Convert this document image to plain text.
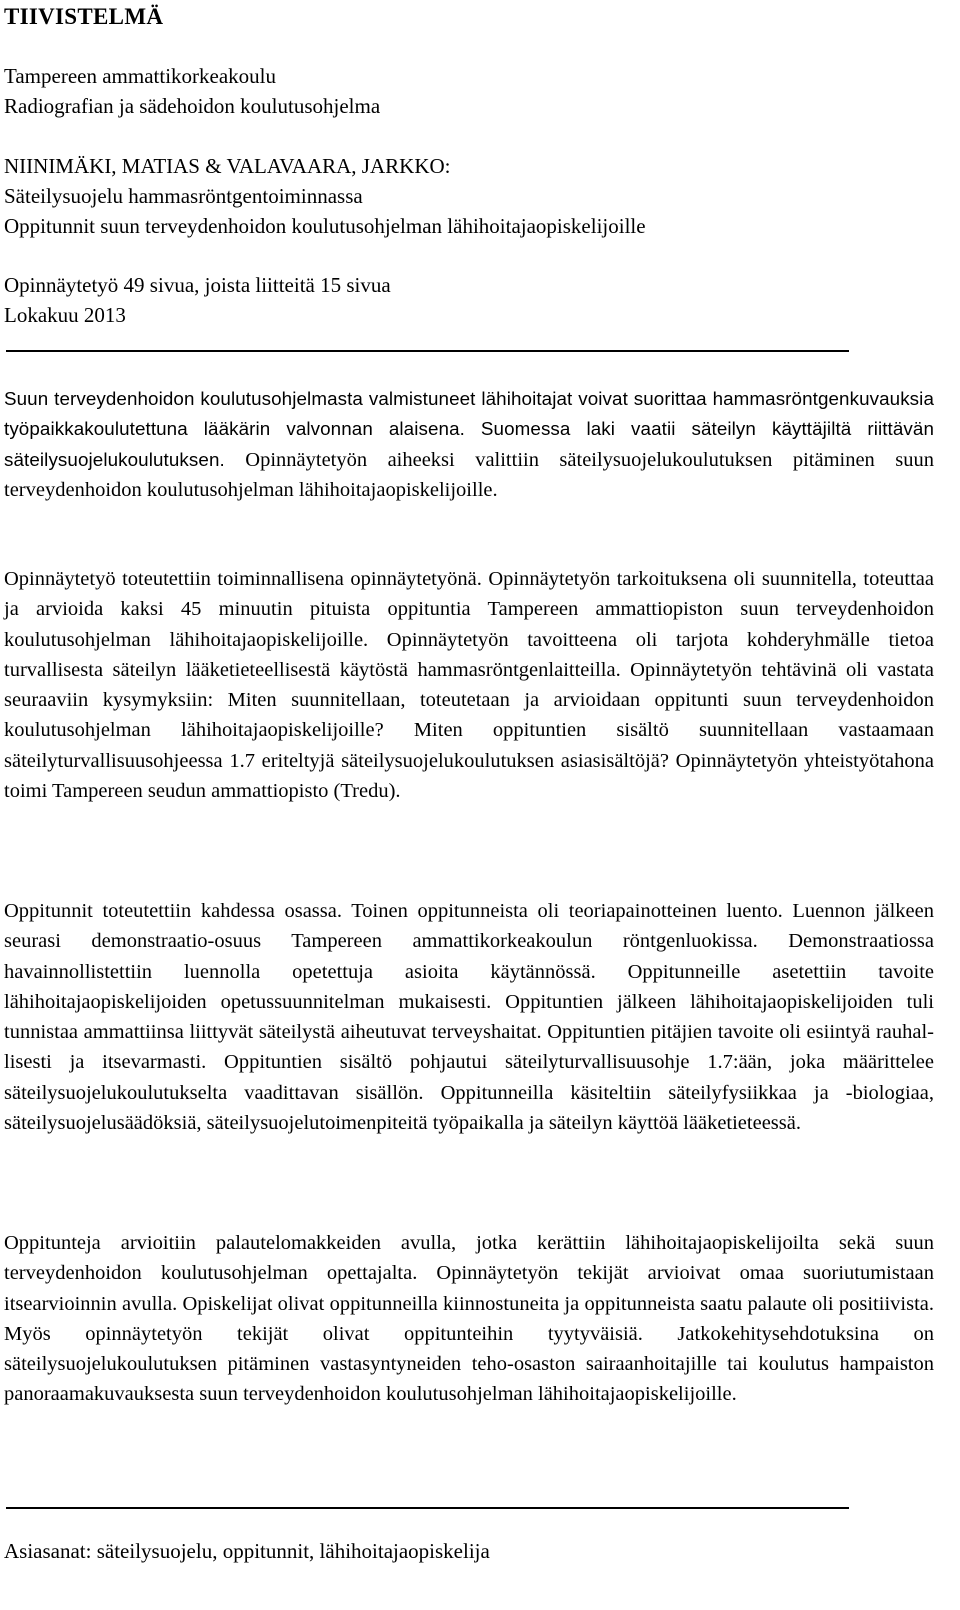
TIIVISTELMÄ
Tampereen ammattikorkeakoulu
Radiografian ja sädehoidon koulutusohjelma
NIINIMÄKI, MATIAS & VALAVAARA, JARKKO:
Säteilysuojelu hammasröntgentoiminnassa
Oppitunnit suun terveydenhoidon koulutusohjelman lähihoitajaopiskelijoille
Opinnäytetyö 49 sivua, joista liitteitä 15 sivua
Lokakuu 2013
Suun terveydenhoidon koulutusohjelmasta valmistuneet lähihoitajat voivat suorittaa hammasröntgenkuvauksia työpaikkakoulutettuna lääkärin valvonnan alaisena. Suomessa laki vaatii säteilyn käyttäjiltä riittävän säteilysuojelukoulutuksen. Opinnäytetyön aiheeksi valittiin säteilysuojelukoulutuksen pitäminen suun terveydenhoidon koulutusohjelman lähihoitajaopiskelijoille.
Opinnäytetyö toteutettiin toiminnallisena opinnäytetyönä. Opinnäytetyön tarkoituksena oli suunnitella, toteuttaa ja arvioida kaksi 45 minuutin pituista oppituntia Tampereen ammattiopiston suun terveydenhoidon koulutusohjelman lähihoitajaopiskelijoille. Opinnäytetyön tavoitteena oli tarjota kohderyhmälle tietoa turvallisesta säteilyn lääketieteellisestä käytöstä hammasröntgenlaitteilla. Opinnäytetyön tehtävinä oli vastata seuraaviin kysymyksiin: Miten suunnitellaan, toteutetaan ja arvioidaan oppitunti suun terveydenhoidon koulutusohjelman lähihoitajaopiskelijoille? Miten oppituntien sisältö suunnitellaan vastaamaan säteilyturvallisuusohjeessa 1.7 eriteltyjä säteilysuojelukoulutuksen asiasisältöjä? Opinnäytetyön yhteistyötahona toimi Tampereen seudun ammattiopisto (Tredu).
Oppitunnit toteutettiin kahdessa osassa. Toinen oppitunneista oli teoriapainotteinen luento. Luennon jälkeen seurasi demonstraatio-osuus Tampereen ammattikorkeakoulun röntgenluokissa. Demonstraatiossa havainnollistettiin luennolla opetettuja asioita käytännössä. Oppitunneille asetettiin tavoite lähihoitajaopiskelijoiden opetussuunnitelman mukaisesti. Oppituntien jälkeen lähihoitajaopiskelijoiden tuli tunnistaa ammattiinsa liittyvät säteilystä aiheutuvat terveyshaitat. Oppituntien pitäjien tavoite oli esiintyä rauhallisesti ja itsevarmasti. Oppituntien sisältö pohjautui säteilyturvallisuusohje 1.7:ään, joka määrittelee säteilysuojelukoulutukselta vaadittavan sisällön. Oppitunneilla käsiteltiin säteilyfysiikkaa ja -biologiaa, säteilysuojelusäädöksiä, säteilysuojelutoimenpiteitä työpaikalla ja säteilyn käyttöä lääketieteessä.
Oppitunteja arvioitiin palautelomakkeiden avulla, jotka kerättiin lähihoitajaopiskelijoilta sekä suun terveydenhoidon koulutusohjelman opettajalta. Opinnäytetyön tekijät arvioivat omaa suoriutumistaan itsearvioinnin avulla. Opiskelijat olivat oppitunneilla kiinnostuneita ja oppitunneista saatu palaute oli positiivista. Myös opinnäytetyön tekijät olivat oppitunteihin tyytyväisiä. Jatkokehitysehdotuksina on säteilysuojelukoulutuksen pitäminen vastasyntyneiden teho-osaston sairaanhoitajille tai koulutus hampaiston panoraamakuvauksesta suun terveydenhoidon koulutusohjelman lähihoitajaopiskelijoille.
Asiasanat: säteilysuojelu, oppitunnit, lähihoitajaopiskelija
